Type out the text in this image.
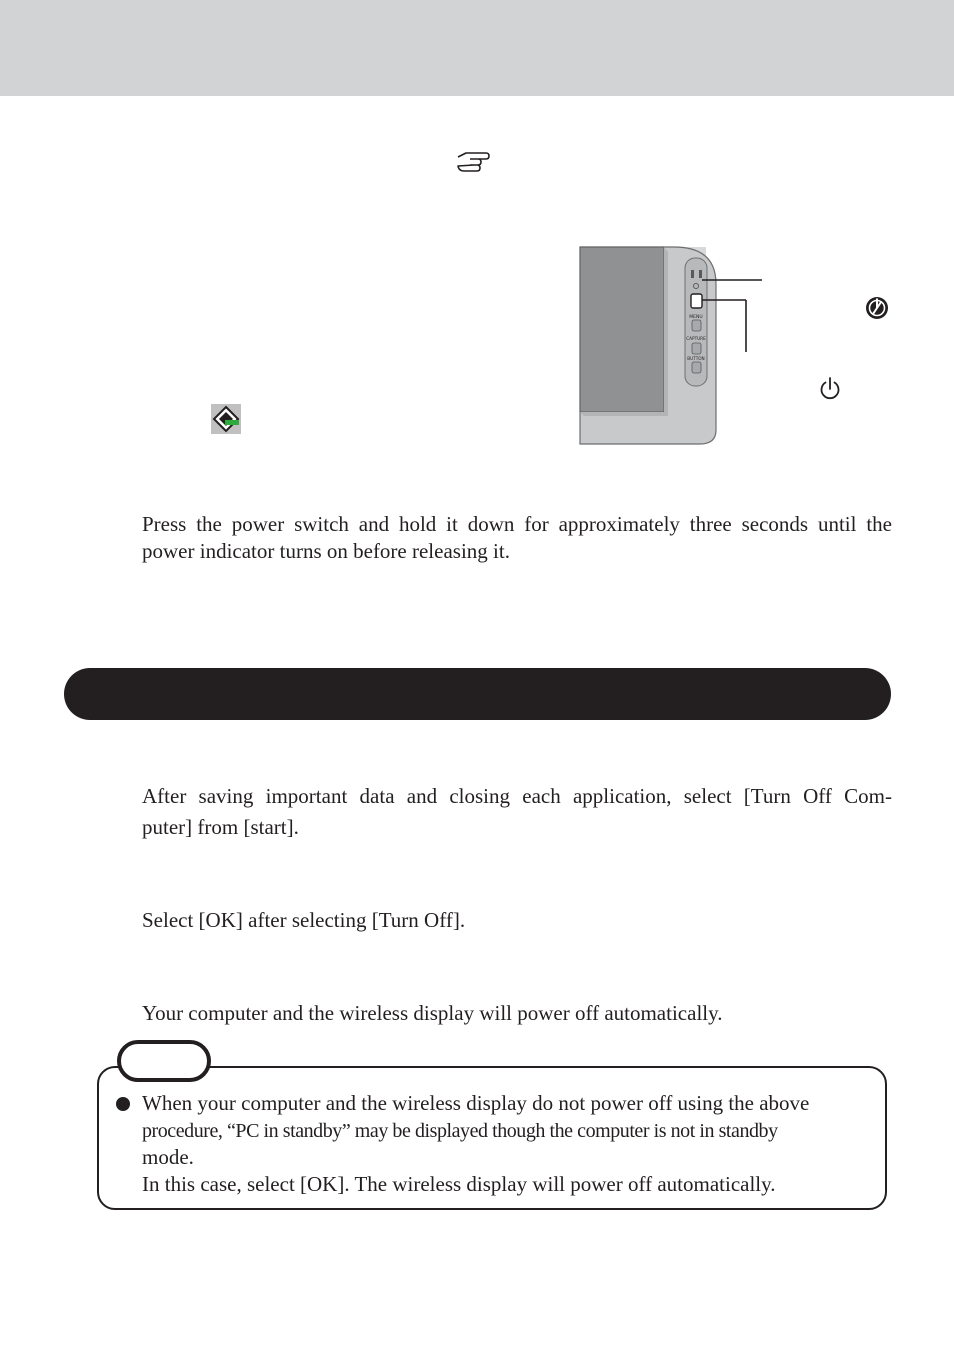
MENU
CAPTURE
BUTTON

Press the power switch and hold it down for approximately three seconds until the

power indicator turns on before releasing it.

After saving important data and closing each application, select [Turn Off Com-

puter] from [start].

Select [OK] after selecting [Turn Off].

Your computer and the wireless display will power off automatically.

When your computer and the wireless display do not power off using the above

procedure, “PC in standby” may be displayed though the computer is not in standby

mode.

In this case, select [OK]. The wireless display will power off automatically.
